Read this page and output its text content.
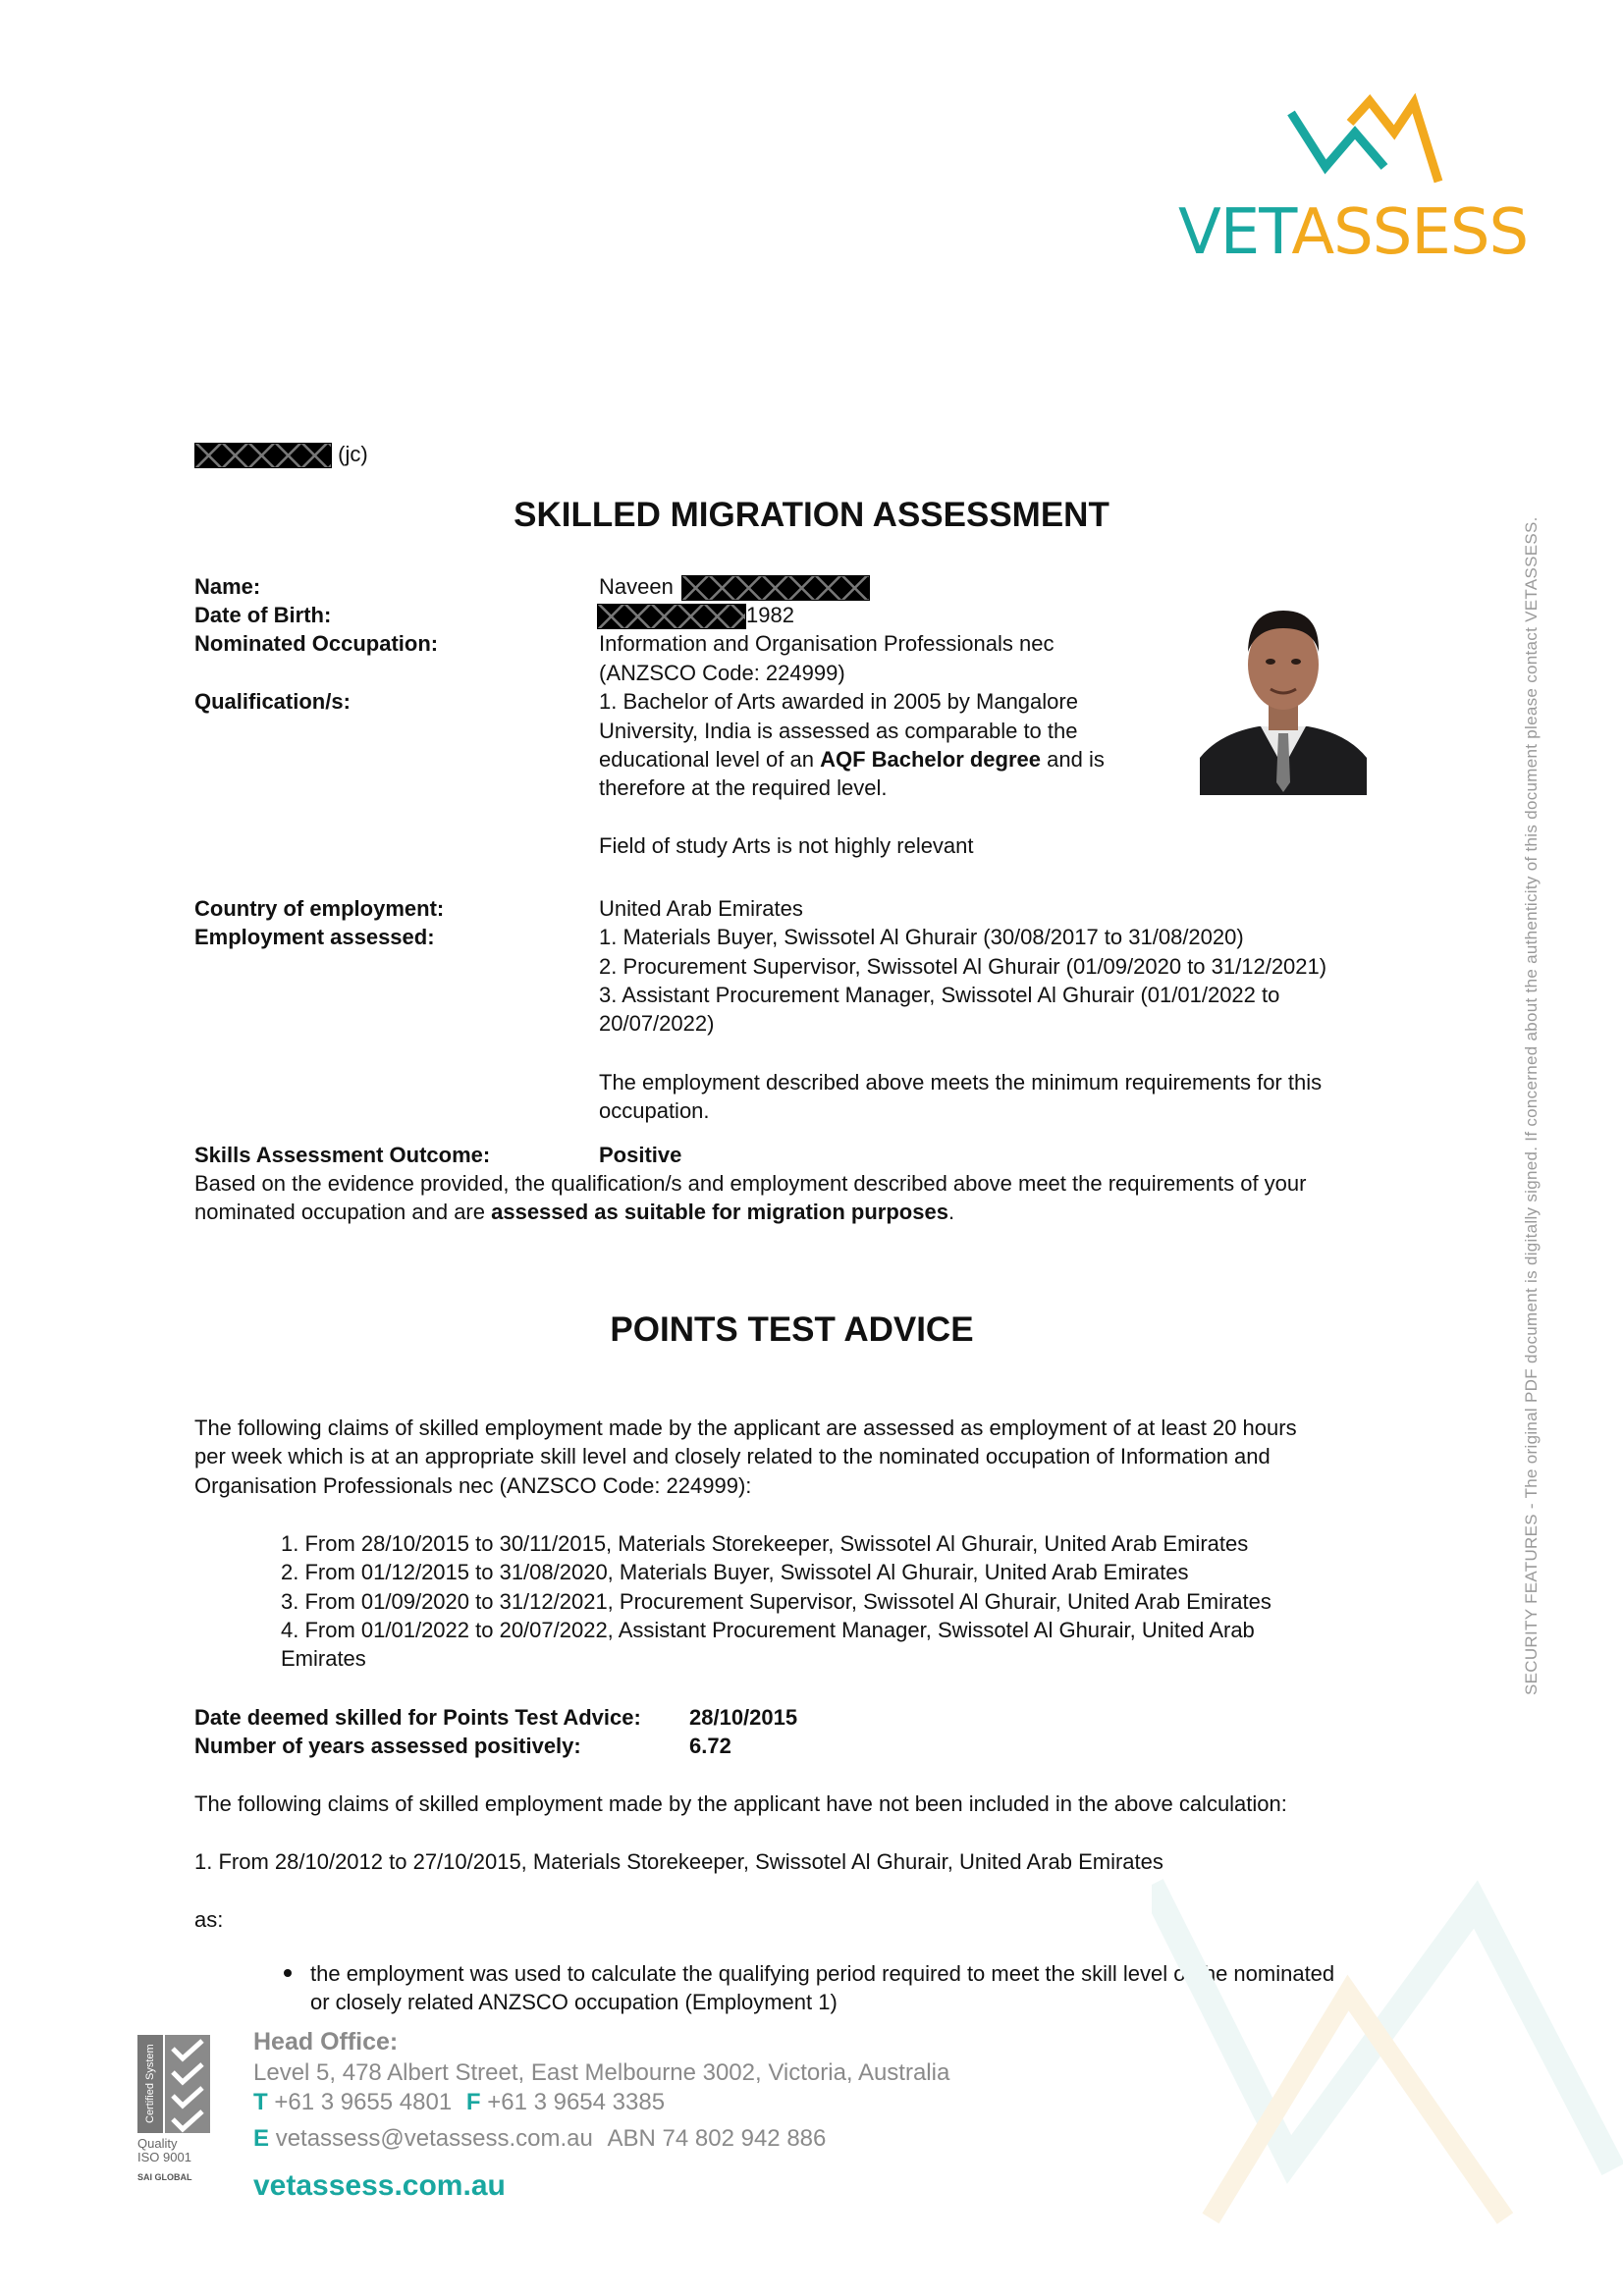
VETASSESS
(jc)
SKILLED MIGRATION ASSESSMENT
Name:	Naveen
Date of Birth:	1982
Nominated Occupation:	Information and Organisation Professionals nec
(ANZSCO Code: 224999)
Qualification/s:	1. Bachelor of Arts awarded in 2005 by Mangalore
University, India is assessed as comparable to the
educational level of an AQF Bachelor degree and is
therefore at the required level.
Field of study Arts is not highly relevant
Country of employment:	United Arab Emirates
Employment assessed:	1. Materials Buyer, Swissotel Al Ghurair (30/08/2017 to 31/08/2020)
2. Procurement Supervisor, Swissotel Al Ghurair (01/09/2020 to 31/12/2021)
3. Assistant Procurement Manager, Swissotel Al Ghurair (01/01/2022 to
20/07/2022)
The employment described above meets the minimum requirements for this
occupation.
Skills Assessment Outcome:	Positive
Based on the evidence provided, the qualification/s and employment described above meet the requirements of your
nominated occupation and are assessed as suitable for migration purposes.
POINTS TEST ADVICE
The following claims of skilled employment made by the applicant are assessed as employment of at least 20 hours
per week which is at an appropriate skill level and closely related to the nominated occupation of Information and
Organisation Professionals nec (ANZSCO Code: 224999):
1. From 28/10/2015 to 30/11/2015, Materials Storekeeper, Swissotel Al Ghurair, United Arab Emirates
2. From 01/12/2015 to 31/08/2020, Materials Buyer, Swissotel Al Ghurair, United Arab Emirates
3. From 01/09/2020 to 31/12/2021, Procurement Supervisor, Swissotel Al Ghurair, United Arab Emirates
4. From 01/01/2022 to 20/07/2022, Assistant Procurement Manager, Swissotel Al Ghurair, United Arab
Emirates
Date deemed skilled for Points Test Advice: 28/10/2015
Number of years assessed positively:	6.72
The following claims of skilled employment made by the applicant have not been included in the above calculation:
1. From 28/10/2012 to 27/10/2015, Materials Storekeeper, Swissotel Al Ghurair, United Arab Emirates
as:
the employment was used to calculate the qualifying period required to meet the skill level of the nominated
or closely related ANZSCO occupation (Employment 1)
Certified System
Quality
ISO 9001
SAI GLOBAL
Head Office:
Level 5, 478 Albert Street, East Melbourne 3002, Victoria, Australia
T +61 3 9655 4801 F +61 3 9654 3385
E vetassess@vetassess.com.au ABN 74 802 942 886
vetassess.com.au
SECURITY FEATURES - The original PDF document is digitally signed. If concerned about the authenticity of this document please contact VETASSESS.
